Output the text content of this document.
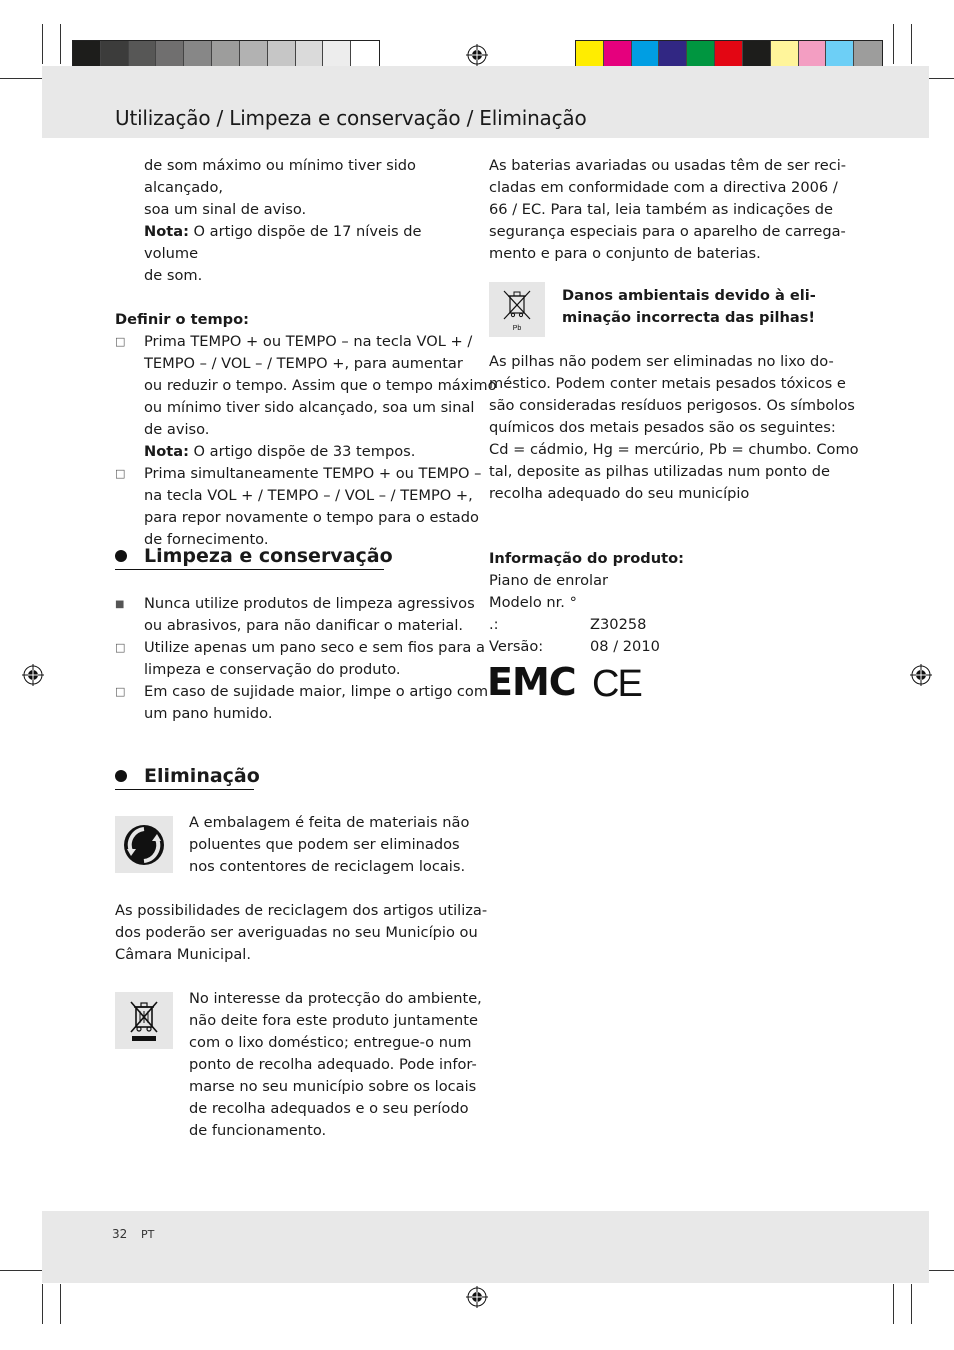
Utilização / Limpeza e conservação / Eliminação

de som máximo ou mínimo tiver sido alcançado,

soa um sinal de aviso.

Nota: O artigo dispõe de 17 níveis de volume

de som.

Definir o tempo:

□ Prima TEMPO + ou TEMPO – na tecla VOL + /

TEMPO – / VOL – / TEMPO +, para aumentar

ou reduzir o tempo. Assim que o tempo máximo

ou mínimo tiver sido alcançado, soa um sinal

de aviso.

Nota: O artigo dispõe de 33 tempos.

□ Prima simultaneamente TEMPO + ou TEMPO –

na tecla VOL + / TEMPO – / VOL – / TEMPO +,

para repor novamente o tempo para o estado

de fornecimento.

Limpeza e conservação
■ Nunca utilize produtos de limpeza agressivos

ou abrasivos, para não danificar o material.

□ Utilize apenas um pano seco e sem fios para a

limpeza e conservação do produto.

□ Em caso de sujidade maior, limpe o artigo com

um pano humido.

Eliminação

A embalagem é feita de materiais não

poluentes que podem ser eliminados

nos contentores de reciclagem locais.

As possibilidades de reciclagem dos artigos utiliza-

dos poderão ser averiguadas no seu Município ou

Câmara Municipal.

No interesse da protecção do ambiente,

não deite fora este produto juntamente

com o lixo doméstico; entregue-o num

ponto de recolha adequado. Pode infor-

marse no seu município sobre os locais

de recolha adequados e o seu período

de funcionamento.

As baterias avariadas ou usadas têm de ser reci-

cladas em conformidade com a directiva 2006 /

66 / EC. Para tal, leia também as indicações de

segurança especiais para o aparelho de carrega-

mento e para o conjunto de baterias.

Pb

Danos ambientais devido à eli-

minação incorrecta das pilhas!

As pilhas não podem ser eliminadas no lixo do-

méstico. Podem conter metais pesados tóxicos e

são consideradas resíduos perigosos. Os símbolos

químicos dos metais pesados são os seguintes:

Cd = cádmio, Hg = mercúrio, Pb = chumbo. Como

tal, deposite as pilhas utilizadas num ponto de

recolha adequado do seu município

Informação do produto:

Piano de enrolar

Modelo nr. ° .:	Z30258

Versão:	08 / 2010

EMC CE
32 PT
